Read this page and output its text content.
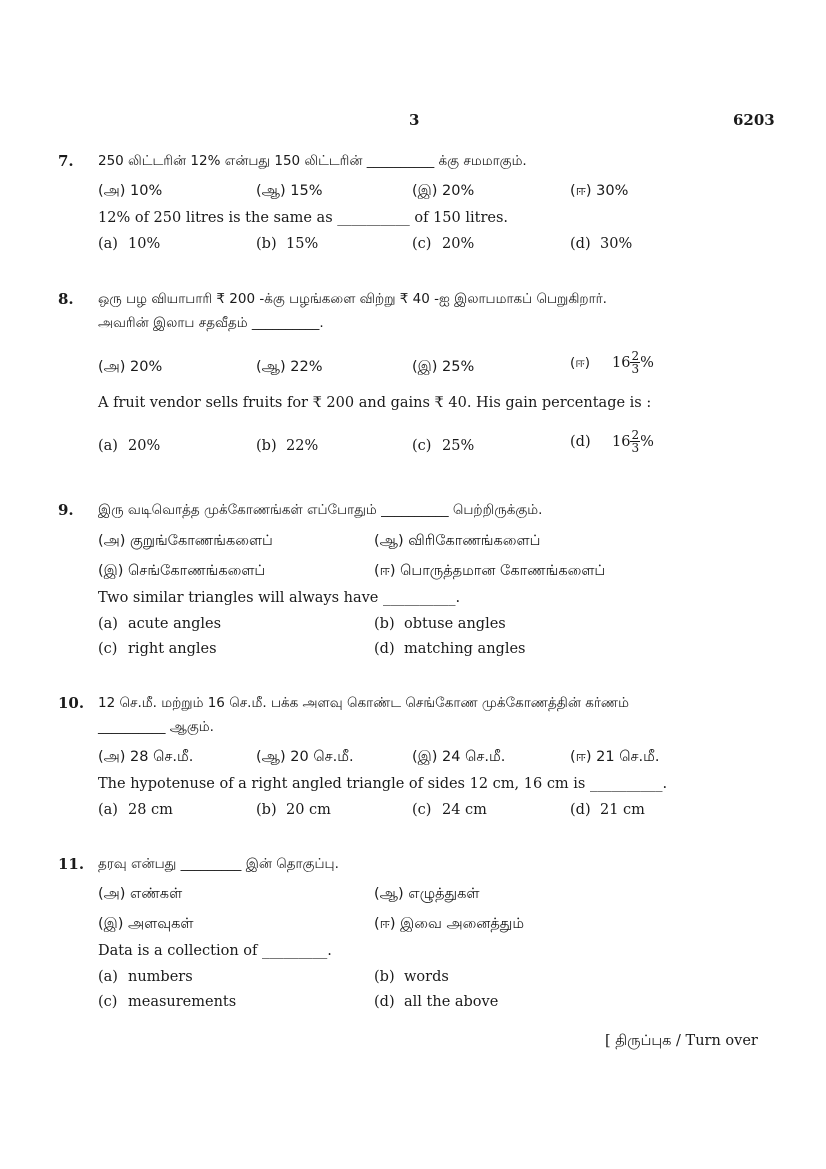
3	6203
7. 250 லிட்டரின் 12% என்பது 150 லிட்டரின் __________ க்கு சமமாகும்.
(அ) 10%	(ஆ) 15%	(இ) 20%	(ஈ) 30%
12% of 250 litres is the same as __________ of 150 litres.
(a) 10%	(b) 15%	(c) 20%	(d) 30%
8. ஒரு பழ வியாபாரி ₹ 200 -க்கு பழங்களை விற்று ₹ 40 -ஐ இலாபமாகப் பெறுகிறார்.
அவரின் இலாப சதவீதம் __________.
(அ) 20%	(ஆ) 22%	(இ) 25%	(ஈ) $16 \frac{2}{3}$ %
A fruit vendor sells fruits for ₹ 200 and gains ₹ 40. His gain percentage is :
(a) 20%	(b) 22%	(c) 25%	(d) $16 \frac{2}{3}$ %
9. இரு வடிவொத்த முக்கோணங்கள் எப்போதும் __________ பெற்றிருக்கும்.
(அ) குறுங்கோணங்களைப்	(ஆ) விரிகோணங்களைப்
(இ) செங்கோணங்களைப்	(ஈ) பொருத்தமான கோணங்களைப்
Two similar triangles will always have __________.
(a) acute angles	(b) obtuse angles
(c) right angles	(d) matching angles
10. 12 செ.மீ. மற்றும் 16 செ.மீ. பக்க அளவு கொண்ட செங்கோண முக்கோணத்தின் கர்ணம்
__________ ஆகும்.
(அ) 28 செ.மீ.	(ஆ) 20 செ.மீ.	(இ) 24 செ.மீ.	(ஈ) 21 செ.மீ.
The hypotenuse of a right angled triangle of sides 12 cm, 16 cm is __________.
(a) 28 cm	(b) 20 cm	(c) 24 cm	(d) 21 cm
11. தரவு என்பது _________ இன் தொகுப்பு.
(அ) எண்கள்	(ஆ) எழுத்துகள்
(இ) அளவுகள்	(ஈ) இவை அனைத்தும்
Data is a collection of _________.
(a) numbers	(b) words
(c) measurements	(d) all the above
[ திருப்புக / Turn over
